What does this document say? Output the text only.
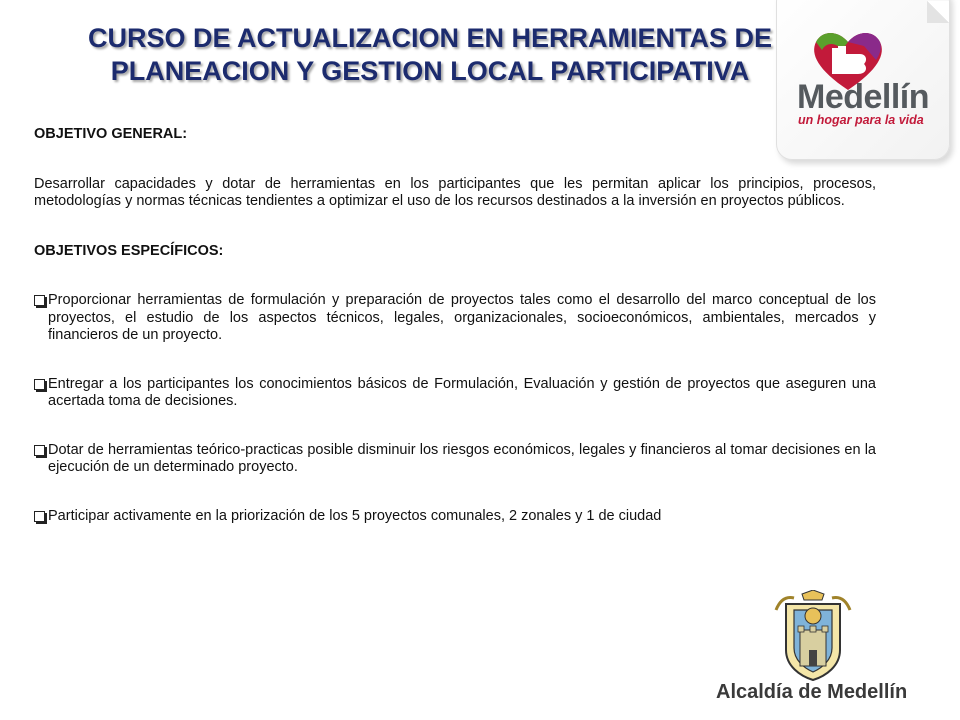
CURSO DE ACTUALIZACION EN HERRAMIENTAS DE
PLANEACION Y GESTION LOCAL PARTICIPATIVA
Medellín
un hogar para la vida

OBJETIVO GENERAL:

Desarrollar capacidades y dotar de herramientas en los participantes que les permitan aplicar los principios, procesos, metodologías y normas técnicas tendientes a optimizar el uso de los recursos destinados a la inversión en proyectos públicos.

OBJETIVOS ESPECÍFICOS:

Proporcionar herramientas de formulación y preparación de proyectos tales como el desarrollo del marco conceptual de los proyectos, el estudio de los aspectos técnicos, legales, organizacionales, socioeconómicos, ambientales, mercados y financieros de un proyecto.
Entregar a los participantes los conocimientos básicos de Formulación, Evaluación y gestión de proyectos que aseguren una acertada toma de decisiones.
Dotar de herramientas teórico-practicas posible disminuir los riesgos económicos, legales y financieros al tomar decisiones en la ejecución de un determinado proyecto.
Participar activamente en la priorización de los 5 proyectos comunales, 2 zonales y 1 de ciudad
Alcaldía de Medellín
